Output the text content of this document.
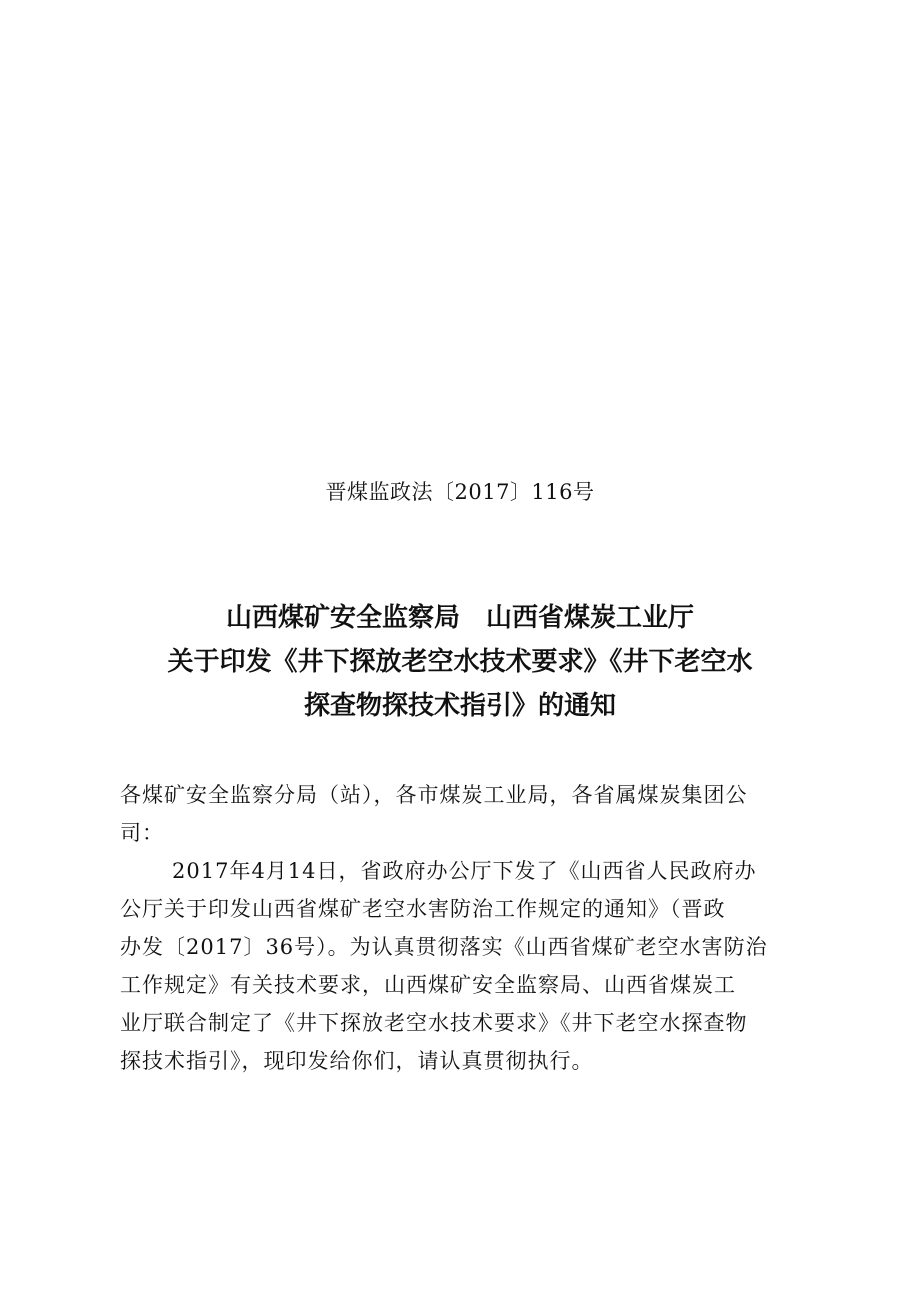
晋煤监政法〔2017〕116号
山西煤矿安全监察局　山西省煤炭工业厅
关于印发《井下探放老空水技术要求》《井下老空水
探查物探技术指引》的通知
各煤矿安全监察分局（站），各市煤炭工业局，各省属煤炭集团公
司：
2017年4月14日，省政府办公厅下发了《山西省人民政府办
公厅关于印发山西省煤矿老空水害防治工作规定的通知》（晋政
办发〔2017〕36号）。为认真贯彻落实《山西省煤矿老空水害防治
工作规定》有关技术要求，山西煤矿安全监察局、山西省煤炭工
业厅联合制定了《井下探放老空水技术要求》《井下老空水探查物
探技术指引》，现印发给你们，请认真贯彻执行。
